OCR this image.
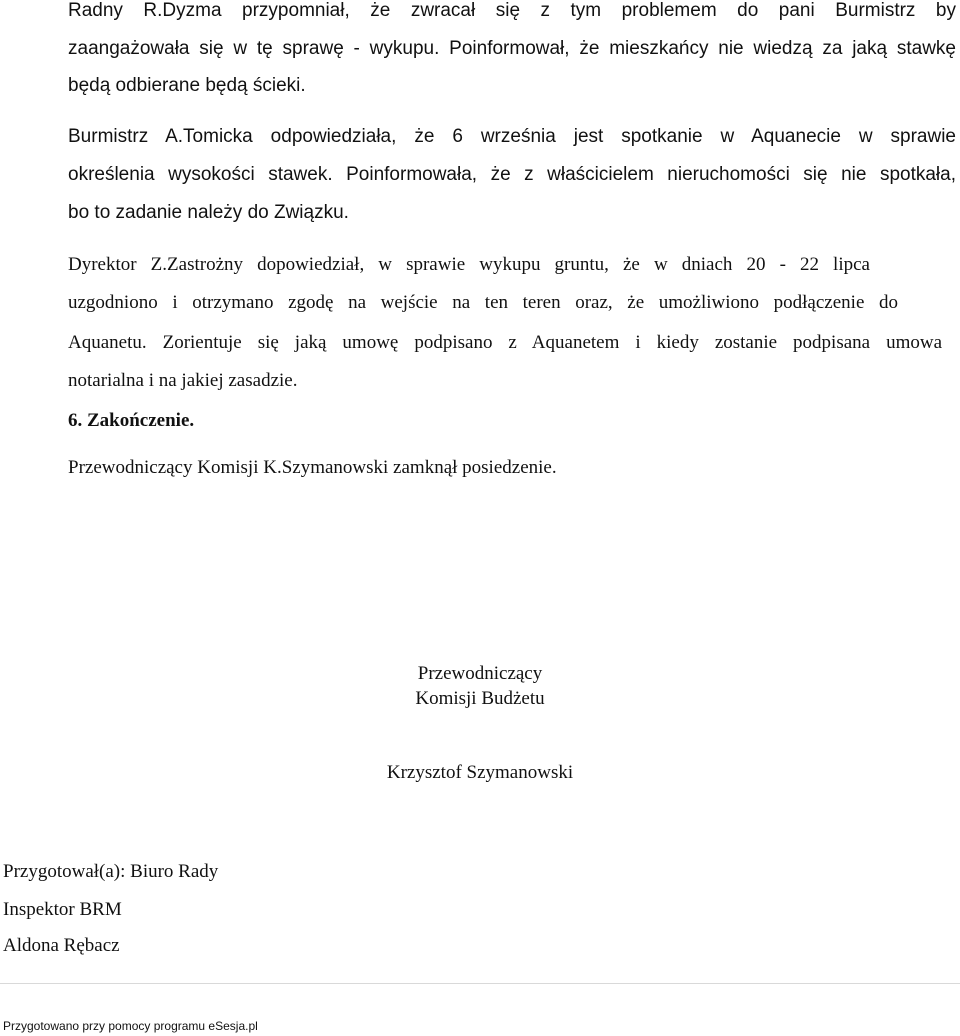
Radny R.Dyzma przypomniał, że zwracał się z tym problemem do pani Burmistrz by
zaangażowała się w tę sprawę - wykupu. Poinformował, że mieszkańcy nie wiedzą za jaką stawkę
będą odbierane będą ścieki.
Burmistrz A.Tomicka odpowiedziała, że 6 września jest spotkanie w Aquanecie w sprawie
określenia wysokości stawek. Poinformowała, że z właścicielem nieruchomości się nie spotkała,
bo to zadanie należy do Związku.
Dyrektor Z.Zastrożny dopowiedział, w sprawie wykupu gruntu, że w dniach 20 - 22 lipca
uzgodniono i otrzymano zgodę na wejście na ten teren oraz, że umożliwiono podłączenie do
Aquanetu. Zorientuje się jaką umowę podpisano z Aquanetem i kiedy zostanie podpisana umowa
notarialna i na jakiej zasadzie.
6. Zakończenie.
Przewodniczący Komisji K.Szymanowski zamknął posiedzenie.
Przewodniczący
Komisji Budżetu
Krzysztof Szymanowski
Przygotował(a): Biuro Rady
Inspektor BRM
Aldona Rębacz
Przygotowano przy pomocy programu eSesja.pl
